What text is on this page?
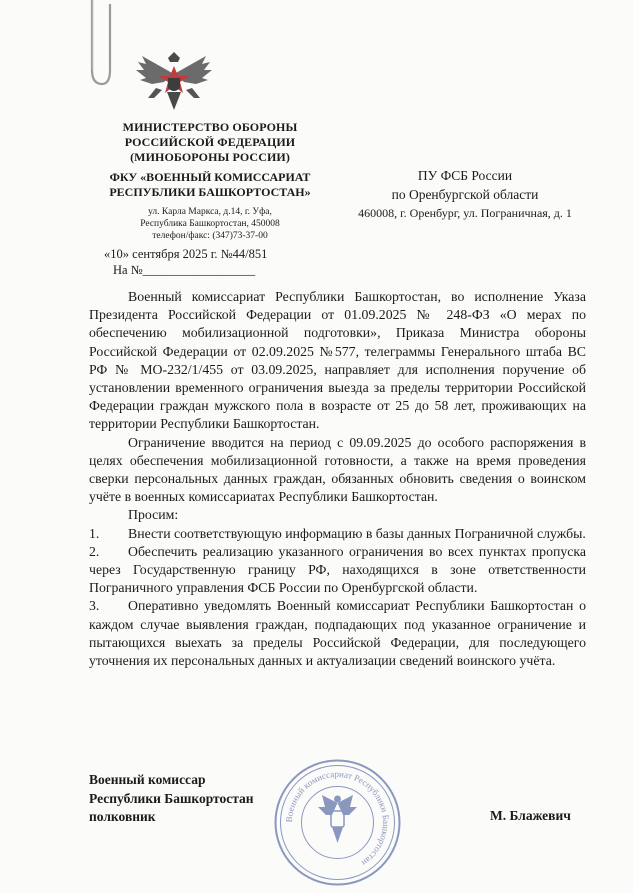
МИНИСТЕРСТВО ОБОРОНЫ
РОССИЙСКОЙ ФЕДЕРАЦИИ
(МИНОБОРОНЫ РОССИИ)
ФКУ «ВОЕННЫЙ КОМИССАРИАТ
РЕСПУБЛИКИ БАШКОРТОСТАН»
ул. Карла Маркса, д.14, г. Уфа,
Республика Башкортостан, 450008
телефон/факс: (347)73-37-00
«10» сентября 2025 г. №44/851
На №__________________
ПУ ФСБ России
по Оренбургской области
460008, г. Оренбург, ул. Пограничная, д. 1

Военный комиссариат Республики Башкортостан, во исполнение Указа Президента Российской Федерации от 01.09.2025 № 248-ФЗ «О мерах по обеспечению мобилизационной подготовки», Приказа Министра обороны Российской Федерации от 02.09.2025 №577, телеграммы Генерального штаба ВС РФ № МО-232/1/455 от 03.09.2025, направляет для исполнения поручение об установлении временного ограничения выезда за пределы территории Российской Федерации граждан мужского пола в возрасте от 25 до 58 лет, проживающих на территории Республики Башкортостан.

Ограничение вводится на период с 09.09.2025 до особого распоряжения в целях обеспечения мобилизационной готовности, а также на время проведения сверки персональных данных граждан, обязанных обновить сведения о воинском учёте в военных комиссариатах Республики Башкортостан.

Просим:

1. Внести соответствующую информацию в базы данных Пограничной службы.

2. Обеспечить реализацию указанного ограничения во всех пунктах пропуска через Государственную границу РФ, находящихся в зоне ответственности Пограничного управления ФСБ России по Оренбургской области.

3. Оперативно уведомлять Военный комиссариат Республики Башкортостан о каждом случае выявления граждан, подпадающих под указанное ограничение и пытающихся выехать за пределы Российской Федерации, для последующего уточнения их персональных данных и актуализации сведений воинского учёта.

Военный комиссар
Республики Башкортостан
полковник	М. Блажевич
Военный комиссариат Республики Башкортостан
